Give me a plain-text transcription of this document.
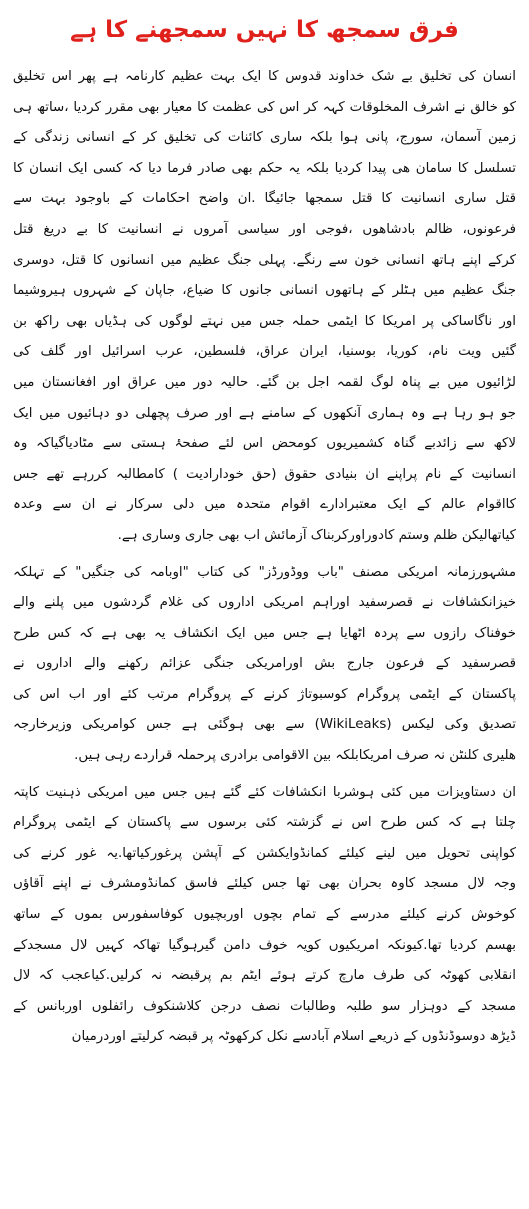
فرق سمجھ کا نہیں سمجھنے کا ہے
انسان کی تخلیق بے شک خداوند قدوس کا ایک بہت عظیم کارنامہ ہے پھر اس تخلیق
کو خالق نے اشرف المخلوقات کہہ کر اس کی عظمت کا معیار بھی مقرر کردیا ،ساتھ ہی
زمین آسمان، سورج، پانی ہوا بلکہ ساری کائنات کی تخلیق کر کے انسانی زندگی کے
تسلسل کا سامان ھی پیدا کردیا بلکہ یہ حکم بھی صادر فرما دیا کہ کسی ایک انسان کا
قتل ساری انسانیت کا قتل سمجھا جائیگا .ان واضح احکامات کے باوجود بہت سے
فرعونوں، ظالم بادشاھوں ،فوجی اور سیاسی آمروں نے انسانیت کا بے دریغ قتل
کرکے اپنے ہاتھ انسانی خون سے رنگے. پہلی جنگ عظیم میں انسانوں کا قتل، دوسری
جنگ عظیم میں ہٹلر کے ہاتھوں انسانی جانوں کا ضیاع، جاپان کے شہروں ہیروشیما
اور ناگاساکی پر امریکا کا ایٹمی حملہ جس میں نہتے لوگوں کی ہڈیاں بھی راکھ بن
گئیں ویت نام، کوریا، بوسنیا، ایران عراق، فلسطین، عرب اسرائیل اور گلف کی
لڑائیوں میں بے پناہ لوگ لقمہ اجل بن گئے. حالیہ دور میں عراق اور افغانستان میں
جو ہو رہا ہے وہ ہماری آنکھوں کے سامنے ہے اور صرف پچھلی دو دہائیوں میں ایک
لاکھ سے زائدبے گناہ کشمیریوں کومحض اس لئے صفحۂ ہستی سے مٹادیاگیاکہ وہ
انسانیت کے نام پراپنے ان بنیادی حقوق (حق خودارادیت ) کامطالبہ کررہے تھے جس
کااقوام عالم کے ایک معتبرادارے اقوام متحدہ میں دلی سرکار نے ان سے وعدہ
کیاتھالیکن ظلم وستم کادوراورکربناک آزمائش اب بھی جاری وساری ہے.
مشہورزمانہ امریکی مصنف "باب ووڈورڈز" کی کتاب "اوبامہ کی جنگیں" کے تہلکہ
خیزانکشافات نے قصرسفید اوراہم امریکی اداروں کی غلام گردشوں میں پلنے والے
خوفناک رازوں سے پردہ اٹھایا ہے جس میں ایک انکشاف یہ بھی ہے کہ کس طرح
قصرسفید کے فرعون جارج بش اورامریکی جنگی عزائم رکھنے والے اداروں نے
پاکستان کے ایٹمی پروگرام کوسبوتاژ کرنے کے پروگرام مرتب کئے اور اب اس کی
تصدیق وکی لیکس (WikiLeaks) سے بھی ہوگئی ہے جس کوامریکی وزیرخارجہ
ھلیری کلنٹن نہ صرف امریکابلکہ بین الاقوامی برادری پرحملہ قراردے رہی ہیں.
ان دستاویزات میں کئی ہوشربا انکشافات کئے گئے ہیں جس میں امریکی ذہنیت کاپتہ
چلتا ہے کہ کس طرح اس نے گزشتہ کئی برسوں سے پاکستان کے ایٹمی پروگرام
کواپنی تحویل میں لینے کیلئے کمانڈوایکشن کے آپشن پرغورکیاتھا.یہ غور کرنے کی
وجہ لال مسجد کاوہ بحران بھی تھا جس کیلئے فاسق کمانڈومشرف نے اپنے آقاؤں
کوخوش کرنے کیلئے مدرسے کے تمام بچوں اوربچیوں کوفاسفورس بموں کے ساتھ
بھسم کردیا تھا.کیونکہ امریکیوں کویہ خوف دامن گیرہوگیا تھاکہ کہیں لال مسجدکے
انقلابی کھوٹہ کی طرف مارچ کرتے ہوئے ایٹم بم پرقبضہ نہ کرلیں.کیاعجب کہ لال
مسجد کے دوہزار سو طلبہ وطالبات نصف درجن کلاشنکوف رائفلوں اوربانس کے
ڈیڑھ دوسوڈنڈوں کے ذریعے اسلام آبادسے نکل کرکھوٹہ پر قبضہ کرلیتے اوردرمیان
